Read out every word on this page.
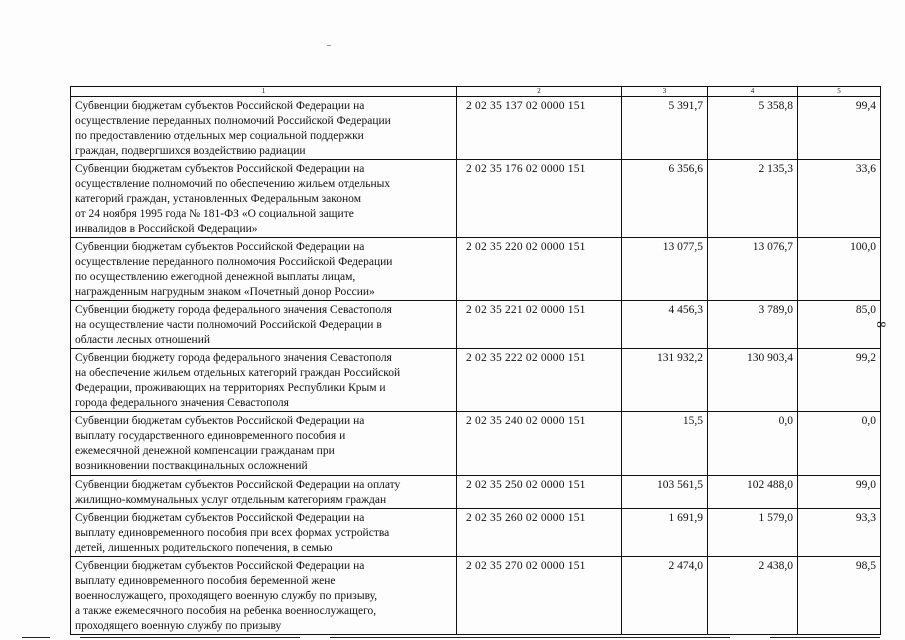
8
1	2	3	4	5

Субвенции бюджетам субъектов Российской Федерации на
осуществление переданных полномочий Российской Федерации
по предоставлению отдельных мер социальной поддержки
граждан, подвергшихся воздействию радиации	2 02 35 137 02 0000 151	5 391,7	5 358,8	99,4

Субвенции бюджетам субъектов Российской Федерации на
осуществление полномочий по обеспечению жильем отдельных
категорий граждан, установленных Федеральным законом
от 24 ноября 1995 года № 181-ФЗ «О социальной защите
инвалидов в Российской Федерации»	2 02 35 176 02 0000 151	6 356,6	2 135,3	33,6

Субвенции бюджетам субъектов Российской Федерации на
осуществление переданного полномочия Российской Федерации
по осуществлению ежегодной денежной выплаты лицам,
награжденным нагрудным знаком «Почетный донор России»	2 02 35 220 02 0000 151	13 077,5	13 076,7	100,0

Субвенции бюджету города федерального значения Севастополя
на осуществление части полномочий Российской Федерации в
области лесных отношений	2 02 35 221 02 0000 151	4 456,3	3 789,0	85,0

Субвенции бюджету города федерального значения Севастополя
на обеспечение жильем отдельных категорий граждан Российской
Федерации, проживающих на территориях Республики Крым и
города федерального значения Севастополя	2 02 35 222 02 0000 151	131 932,2	130 903,4	99,2

Субвенции бюджетам субъектов Российской Федерации на
выплату государственного единовременного пособия и
ежемесячной денежной компенсации гражданам при
возникновении поствакцинальных осложнений	2 02 35 240 02 0000 151	15,5	0,0	0,0

Субвенции бюджетам субъектов Российской Федерации на оплату
жилищно-коммунальных услуг отдельным категориям граждан	2 02 35 250 02 0000 151	103 561,5	102 488,0	99,0

Субвенции бюджетам субъектов Российской Федерации на
выплату единовременного пособия при всех формах устройства
детей, лишенных родительского попечения, в семью	2 02 35 260 02 0000 151	1 691,9	1 579,0	93,3

Субвенции бюджетам субъектов Российской Федерации на
выплату единовременного пособия беременной жене
военнослужащего, проходящего военную службу по призыву,
а также ежемесячного пособия на ребенка военнослужащего,
проходящего военную службу по призыву	2 02 35 270 02 0000 151	2 474,0	2 438,0	98,5
